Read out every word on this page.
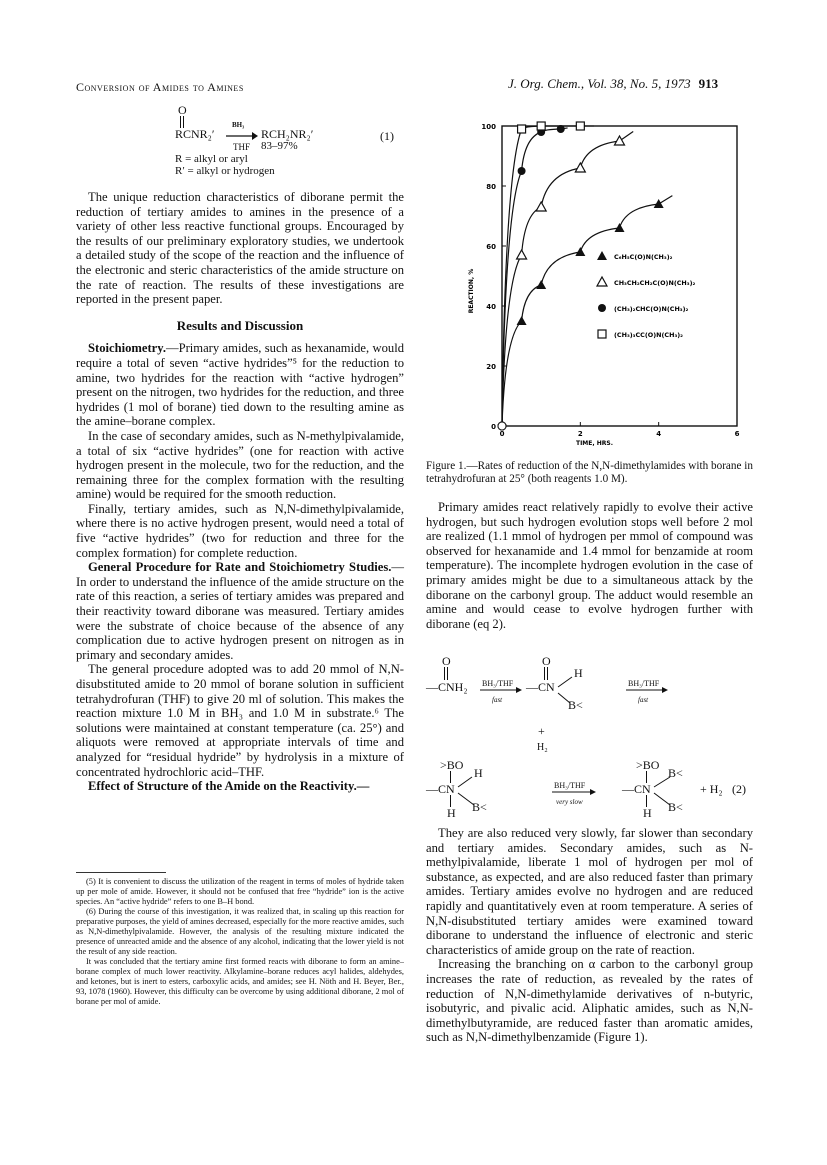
Conversion of Amides to Amines	J. Org. Chem., Vol. 38, No. 5, 1973 913
O
BH₃
RCNR₂′	RCH₂NR₂′	(1)
THF 83–97%
R = alkyl or aryl
R′ = alkyl or hydrogen

The unique reduction characteristics of diborane permit the reduction of tertiary amides to amines in the presence of a variety of other less reactive functional groups. Encouraged by the results of our preliminary exploratory studies, we undertook a detailed study of the scope of the reaction and the influence of the electronic and steric characteristics of the amide structure on the rate of reaction. The results of these investigations are reported in the present paper.

Results and Discussion

Stoichiometry.—Primary amides, such as hexanamide, would require a total of seven “active hydrides”⁵ for the reduction to amine, two hydrides for the reaction with “active hydrogen” present on the nitrogen, two hydrides for the reduction, and three hydrides (1 mol of borane) tied down to the resulting amine as the amine–borane complex.

In the case of secondary amides, such as N-methylpivalamide, a total of six “active hydrides” (one for reaction with active hydrogen present in the molecule, two for the reduction, and the remaining three for the complex formation with the resulting amine) would be required for the smooth reduction.

Finally, tertiary amides, such as N,N-dimethylpivalamide, where there is no active hydrogen present, would need a total of five “active hydrides” (two for reduction and three for the complex formation) for complete reduction.

General Procedure for Rate and Stoichiometry Studies.—In order to understand the influence of the amide structure on the rate of this reaction, a series of tertiary amides was prepared and their reactivity toward diborane was measured. Tertiary amides were the substrate of choice because of the absence of any complication due to active hydrogen present on nitrogen as in primary and secondary amides.

The general procedure adopted was to add 20 mmol of N,N-disubstituted amide to 20 mmol of borane solution in sufficient tetrahydrofuran (THF) to give 20 ml of solution. This makes the reaction mixture 1.0 M in BH₃ and 1.0 M in substrate.⁶ The solutions were maintained at constant temperature (ca. 25°) and aliquots were removed at appropriate intervals of time and analyzed for “residual hydride” by hydrolysis in a mixture of concentrated hydrochloric acid–THF.

Effect of Structure of the Amide on the Reactivity.—

(5) It is convenient to discuss the utilization of the reagent in terms of moles of hydride taken up per mole of amide. However, it should not be confused that free “hydride” ion is the active species. An “active hydride” refers to one B–H bond.

(6) During the course of this investigation, it was realized that, in scaling up this reaction for preparative purposes, the yield of amines decreased, especially for the more reactive amides, such as N,N-dimethylpivalamide. However, the analysis of the resulting mixture indicated the presence of unreacted amide and the absence of any alcohol, indicating that the lower yield is not the result of any side reaction.

It was concluded that the tertiary amine first formed reacts with diborane to form an amine–borane complex of much lower reactivity. Alkylamine–borane reduces acyl halides, aldehydes, and ketones, but is inert to esters, carboxylic acids, and amides; see H. Nöth and H. Beyer, Ber., 93, 1078 (1960). However, this difficulty can be overcome by using additional diborane, 2 mol of borane per mol of amide.

0
20
40
60
80
100
0	2	4	6
TIME, HRS.
REACTION, %
C₆H₅C(O)N(CH₃)₂
CH₃CH₂CH₂C(O)N(CH₃)₂
(CH₃)₂CHC(O)N(CH₃)₂
(CH₃)₃CC(O)N(CH₃)₂
Figure 1.—Rates of reduction of the N,N-dimethylamides with borane in tetrahydrofuran at 25° (both reagents 1.0 M).

Primary amides react relatively rapidly to evolve their active hydrogen, but such hydrogen evolution stops well before 2 mol are realized (1.1 mmol of hydrogen per mmol of compound was observed for hexanamide and 1.4 mmol for benzamide at room temperature). The incomplete hydrogen evolution in the case of primary amides might be due to a simultaneous attack by the diborane on the carbonyl group. The adduct would resemble an amine and would cease to evolve hydrogen further with diborane (eq 2).

O
—CNH₂ BH₃/THF
fast
O
—CN
H
B<
BH₃/THF
fast
+
H₂
>BO
—CN
H
B<
H
BH₃/THF
very slow
>BO
—CN
B<
B<
H
+ H₂ (2)

They are also reduced very slowly, far slower than secondary and tertiary amides. Secondary amides, such as N-methylpivalamide, liberate 1 mol of hydrogen per mol of substance, as expected, and are also reduced faster than primary amides. Tertiary amides evolve no hydrogen and are reduced rapidly and quantitatively even at room temperature. A series of N,N-disubstituted tertiary amides were examined toward diborane to understand the influence of electronic and steric characteristics of amide group on the rate of reaction.

Increasing the branching on α carbon to the carbonyl group increases the rate of reduction, as revealed by the rates of reduction of N,N-dimethylamide derivatives of n-butyric, isobutyric, and pivalic acid. Aliphatic amides, such as N,N-dimethylbutyramide, are reduced faster than aromatic amides, such as N,N-dimethylbenzamide (Figure 1).
